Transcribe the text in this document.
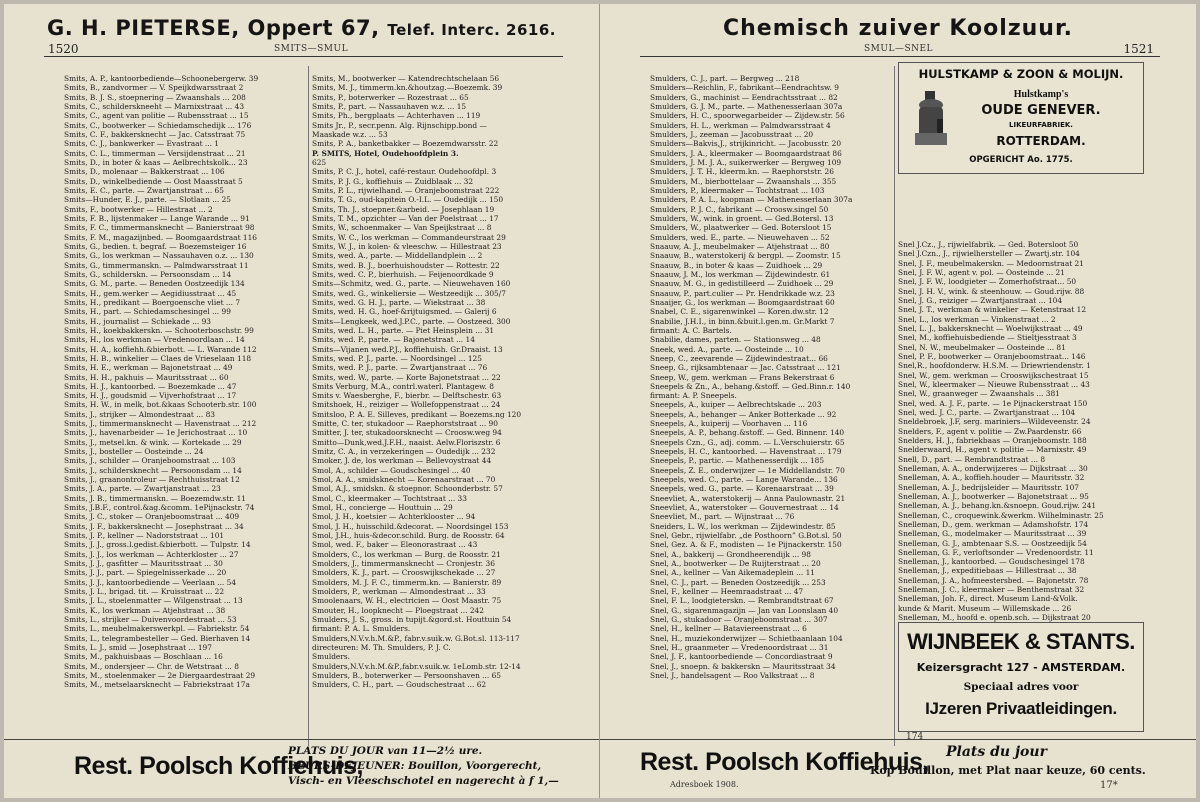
G. H. PIETERSE, Oppert 67, Telef. Interc. 2616.
1520	SMITS—SMUL
Smits, A. P., kantoorbediende—Schoonebergerw. 39
Smits, B., zandvormer — V. Speijkdwarsstraat 2
Smits, B. J. S., stoepnering — Zwaanshals ... 208
Smits, C., schilderskneeht — Marnixstraat ... 43
Smits, C., agent van politie — Rubensstraat ... 15
Smits, C., bootwerker — Schiedamschedijk ... 176
Smits, C. F., bakkersknecht — Jac. Catsstraat 75
Smits, C. J., bankwerker — Evastraat ... 1
Smits, C. L., timmerman — Versijdenstraat ... 21
Smits, D., in boter & kaas — Aelbrechtskolk... 23
Smits, D., molenaar — Bakkerstraat ... 106
Smits, D., winkelbediende — Oost Maasstraat 5
Smits, E. C., parte. — Zwartjanstraat ... 65
Smits—Hunder, E. J., parte. — Slotlaan ... 25
Smits, F., bootwerker — Hillestraat ... 2
Smits, F. B., lijstenmaker — Lange Warande ... 91
Smits, F. C., timmermansknecht — Banierstraat 98
Smits, F. M., magazijnbed. — Boomgaardstraat 116
Smits, G., bedien. t. begraf. — Boezemsteiger 16
Smits, G., los werkman — Nassauhaven o.z. ... 130
Smits, G., timmermanskn. — Palmdwarsstraat 11
Smits, G., schilderskn. — Persoonsdam ... 14
Smits, G. M., parte. — Beneden Oostzeedijk 134
Smits, H., gem.werker — Aegidiusstraat ... 45
Smits, H., predikant — Boergoensche vliet ... 7
Smits, H., part. — Schiedamschesingel ... 99
Smits, H., journalist — Schiekade ... 93
Smits, H., koekbakkerskn. — Schooterboschstr. 99
Smits, H., los werkman — Vredenoordlaan ... 14
Smits, H. A., koffiehh.&bierbott. — L. Warande 112
Smits, H. B., winkelier — Claes de Vrieselaan 118
Smits, H. E., werkman — Bajonetstraat ... 49
Smits, H. H., pakhuis — Mauritsstraat ... 60
Smits, H. J., kantoorbed. — Boezemkade ... 47
Smits, H. J., goudsmid — Vijverhofstraat ... 17
Smits, H. W., in melk, bot.&kaas Schooterb.str. 100
Smits, J., strijker — Almondestraat ... 83
Smits, J., timmermansknecht — Havenstraat ... 212
Smits, J., havenarbeider — 1e Jerichostraat ... 10
Smits, J., metsel.kn. & wink. — Kortekade ... 29
Smits, J., bosteller — Oosteinde ... 24
Smits, J., schilder — Oranjeboomstraat ... 103
Smits, J., schildersknecht — Persoonsdam ... 14
Smits, J., graanontroleur — Rechthuisstraat 12
Smits, J. A., parte. — Zwartjanstraat ... 23
Smits, J. B., timmermanskn. — Boezemdw.str. 11
Smits, J.B.F., control.&ag.&comm. 1ePijnackstr. 74
Smits, J. C., stoker — Oranjeboomstraat ... 409
Smits, J. F., bakkersknecht — Josephstraat ... 34
Smits, J. P., kellner — Nadorststraat ... 101
Smits, J. J., gross.l.gedist.&bierbott. — Tulpstr. 14
Smits, J. J., los werkman — Achterkloster ... 27
Smits, J. J., gasfitter — Mauritsstraat ... 30
Smits, J. J., part. — Spiegelnisserkade ... 20
Smits, J. J., kantoorbediende — Veerlaan ... 54
Smits, J. L., brigad. tit. — Kruisstraat ... 22
Smits, J. L., stoelenmatter — Wilgenstraat ... 13
Smits, K., los werkman — Atjehstraat ... 38
Smits, L., strijker — Duivenvoordestraat ... 53
Smits, L., meubelmakerswerkpl. — Fabriekstr. 54
Smits, L., telegrambesteller — Ged. Bierhaven 14
Smits, L. J., smid — Josephstraat ... 197
Smits, M., pakhuisbaas — Boschlaan ... 16
Smits, M., ondersjeer — Chr. de Wetstraat ... 8
Smits, M., stoelenmaker — 2e Diergaardestraat 29
Smits, M., metselaarsknecht — Fabriekstraat 17a
Smits, M., bootwerker — Katendrechtschelaan 56
Smits, M. J., timmerm.kn.&houtzag.—Boezemk. 39
Smits, P., boterwerker — Rozestraat ... 65
Smits, P., part. — Nassauhaven w.z. ... 15
Smits, Ph., bergplaats — Achterhaven ... 119
Smits Jr., P., secr.penn. Alg. Rijnschipp.bond —
Maaskade w.z. ... 53
Smits, P. A., banketbakker — Boezemdwarsstr. 22
P. SMITS, Hotel, Oudehoofdplein 3.
625
Smits, P. C. J., hotel, café-restaur. Oudehoofdpl. 3
Smits, P. J. G., koffiehuis — Zuidblaak ... 32
Smits, P. L., rijwielhand. — Oranjeboomstraat 222
Smits, T. G., oud-kapitein O.-I.L. — Oudedijk ... 150
Smits, Th. J., stoepner.&arbeid. — Josephlaan 19
Smits, T. M., opzichter — Van der Poelstraat ... 17
Smits, W., schoenmaker — Van Speijkstraat ... 8
Smits, W. C., los werkman — Commandeurstraat 29
Smits, W. J., in kolen- & vleeschw. — Hillestraat 23
Smits, wed. A., parte. — Middellandplein ... 2
Smits, wed. B. J., boerhuishoudster — Rottestr. 22
Smits, wed. C. P., bierhuish. — Feijenoordkade 9
Smits—Schmitz, wed. G., parte. — Nieuwehaven 160
Smits, wed. G., winkeliersie — Westzeedijk ... 305/7
Smits, wed. G. H. J., parte. — Wiekstraat ... 38
Smits, wed. H. G., hoef-&rijtuigsmed. — Galerij 6
Smits—Lengkeek, wed.J.P.C., parte. — Oostzeed. 300
Smits, wed. L. H., parte. — Piet Heinsplein ... 31
Smits, wed. P., parte. — Bajonetstraat ... 14
Smits—Vijanen wed.P.J., koffiehuish. Gr.Draaist. 13
Smits, wed. P. J., parte. — Noordsingel ... 125
Smits, wed. P. J., parte. — Zwartjanstraat ... 76
Smits, wed. W., parte. — Korte Bajonetstraat ... 22
Smits Verburg, M.A., contrl.waterl. Plantagew. 8
Smits v. Waesberghe, F., bierbr. — Delftschestr. 63
Smitshoek, H., reiziger — Wollefoppenstraat ... 24
Smitsloo, P. A. E. Silleves, predikant — Boezems.ng 120
Smitte, C. ter, stukadoor — Raephorststraat ... 90
Smitter, J. ter, stukadoorsknecht — Croosw.weg 94
Smitto—Dunk,wed.J.F.H., naaist. Aelw.Floriszstr. 6
Smitz, C. A., in verzekeringen — Oudedijk ... 232
Smoker, J. de, los werkman — Bellevoystraat 44
Smol, A., schilder — Goudschesingel ... 40
Smol, A. A., smidsknecht — Korenaarstraat ... 70
Smol, A.J., smidskn. & stoepnor. Schoonderbstr. 57
Smol, C., kleermaker — Tochtstraat ... 33
Smol, H., concierge — Houttuin ... 29
Smol, J. H., koetsier — Achterklooster ... 94
Smol, J. H., huisschild.&decorat. — Noordsingel 153
Smol, J.H., huis-&decor.schild. Burg. de Roosstr. 64
Smol, wed. F., baker — Eleonorastraat ... 43
Smolders, C., los werkman — Burg. de Roosstr. 21
Smolders, J., timmermansknecht — Cronjestr. 36
Smolders, K. J., part. — Crooswijkschekade ... 27
Smolders, M. J. F. C., timmerm.kn. — Banierstr. 89
Smolders, P., werkman — Almondestraat ... 33
Smoolenaars, W. H., electricien — Oost Maastr. 75
Smouter, H., loopknecht — Ploegstraat ... 242
Smulders, J. S., gross. in tupijt.&gord.st. Houttuin 54
firmant: P. A. L. Smulders.
Smulders,N.V.v.h.M.&P., fabr.v.suik.w. G.Bot.sl. 113-117
directeuren: M. Th. Smulders, P. J. C.
Smulders.
Smulders,N.V.v.h.M.&P.,fabr.v.suik.w. 1eLomb.str. 12-14
Smulders, B., boterwerker — Persoonshaven ... 65
Smulders, C. H., part. — Goudschestraat ... 62
Rest. Poolsch Koffiehuis,
PLATS DU JOUR van 11—2½ ure.
BEURS-DEJEUNER: Bouillon, Voorgerecht,
Visch- en Vleeschschotel en nagerecht à f 1,—
Chemisch zuiver Koolzuur.
SMUL—SNEL	1521
Smulders, C. J., part. — Bergweg ... 218
Smulders—Reichlin, F., fabrikant—Eendrachtsw. 9
Smulders, G., machinist — Eendrachtsstraat ... 82
Smulders, G. J. M., parte. — Mathenesserlaan 307a
Smulders, H. C., spoorwegarbeider — Zijdew.str. 56
Smulders, H. L., werkman — Palmdwarsstraat 4
Smulders, J., zeeman — Jacobusstraat ... 20
Smulders—Bakvis,J., strijkinricht. — Jacobusstr. 20
Smulders, J. A., kleermaker — Boomgaardstraat 86
Smulders, J. M. J. A., suikerwerker — Bergweg 109
Smulders, J. T. H., kleerm.kn. — Raephorststr. 26
Smulders, M., bierbottelaar — Zwaanshals ... 355
Smulders, P., kleermaker — Tochtstraat ... 103
Smulders, P. A. L., koopman — Mathenesserlaan 307a
Smulders, P. J. C., fabrikant — Croosw.singel 50
Smulders, W., wink. in groent. — Ged.Botersl. 13
Smulders, W., plaatwerker — Ged. Botersloot 15
Smulders, wed. E., parte. — Nieuwehaven ... 52
Snaauw, A. J., meubelmaker — Atjehstraat ... 80
Snaauw, B., waterstokerij & bergpl. — Zoomstr. 15
Snaauw, B., in boter & kaas — Zuidhoek ... 29
Snaauw, J. M., los werkman — Zijdewindestr. 61
Snaauw, M. G., in gedistilleerd — Zuidhoek ... 29
Snaauw, P., part.culier — Pr. Hendrikkade w.z. 23
Snaaijer, G., los werkman — Boomgaardstraat 60
Snabel, C. E., sigarenwinkel — Koren.dw.str. 12
Snabilie, J.H.I., in binn.&buit.l.gen.m. Gr.Markt 7
firmant: A. C. Bartels.
Snabilie, dames, parten. — Stationsweg ... 48
Sneek, wed. A., parte. — Oosteinde ... 10
Sneep, C., zeevarende — Zijdewindestraat... 66
Sneep, G., rijksambtenaar — Jac. Catsstraat ... 121
Sneep, W., gem. werkman — Frans Bekerstraat 6
Sneepels & Zn., A., behang.&stoff. — Ged.Binn.r. 140
firmant: A. P. Sneepels.
Sneepels, A., kuiper — Aelbrechtskade ... 203
Sneepels, A., behanger — Anker Botterkade ... 92
Sneepels, A., kuiperij — Voorhaven ... 116
Sneepels, A. P., behang.&stoff. — Ged. Binnenr. 140
Sneepels Czn., G., adj. comm. — L.Verschuierstr. 65
Sneepels, H. C., kantoorbed. — Havenstraat ... 179
Sneepels, P., partic. — Mathenesserdijk ... 185
Sneepels, Z. E., onderwijzer — 1e Middellandstr. 70
Sneepels, wed. C., parte. — Lange Warande... 136
Sneepels, wed. G., parte. — Korenaarstraat ... 39
Sneevliet, A., waterstokerij — Anna Paulownastr. 21
Sneevliet, A., waterstoker — Gouvernestraat ... 14
Sneevliet, M., part. — Wijnstraat ... 76
Sneiders, L. W., los werkman — Zijdewindestr. 85
Snel, Gebr., rijwielfabr. „de Posthoorn” G.Bot.sl. 50
Snel, Gez. A. & F., modisten — 1e Pijnackerstr. 150
Snel, A., bakkerij — Grondheerendijk ... 98
Snel, A., bootwerker — De Ruijterstraat ... 20
Snel, A., kellner — Van Aikemadeplein ... 11
Snel, C. J., part. — Beneden Oostzeedijk ... 253
Snel, F., kellner — Heemraadstraat ... 47
Snel, F. L., loodgieterskn. — Rembrandtstraat 67
Snel, G., sigarenmagazijn — Jan van Loonslaan 40
Snel, G., stukadoor — Oranjeboomstraat ... 307
Snel, H., kellner — Bataviereenstraat ... 6
Snel, H., muziekonderwijzer — Schietbaanlaan 104
Snel, H., graanmeter — Vredenoordstraat ... 31
Snel, J. F., kantoorbediende — Concordiastraat 9
Snel, J., snoepn. & bakkerskn — Mauritsstraat 34
Snel, J., handelsagent — Roo Valkstraat ... 8
Snel J.Cz., J., rijwielfabrik. — Ged. Botersloot 50
Snel J.Czn., J., rijwielhersteller — Zwartj.str. 104
Snel, J. F., meubelmakerskn. — Medoornstraat 21
Snel, J. F. W., agent v. pol. — Oosteinde ... 21
Snel, J. F. W., loodgieter — Zomerhofstraat... 50
Snel, J. H. V., wink. & steenhouw. — Goud.rijw. 88
Snel, J. G., reiziger — Zwartjanstraat ... 104
Snel, J. T., werkman & winkelier — Ketenstraat 12
Snel, L., los werkman — Vinkenstraat ... 2
Snel, L. J., bakkersknecht — Woelwijkstraat ... 49
Snel, M., koffiehuisbediende — Stieltjesstraat 3
Snel, N. W., meubelmaker — Oosteinde ... 81
Snel, P. F., bootwerker — Oranjeboomstraat... 146
Snel,R., hoofdonderw. H.S.M. — Driewriendenstr. 1
Snel, W., gem. werkman — Crooswijkschestraat 15
Snel, W., kleermaker — Nieuwe Rubensstraat ... 43
Snel, W., graanweger — Zwaanshals ... 381
Snel, wed. A. J. F., parte. — 1e Pijnackerstraat 150
Snel, wed. J. C., parte. — Zwartjanstraat ... 104
Sneldebroek, J.F, serg. mariniers—Wildeveenstr. 24
Snelders, F., agent v. politie — Zw.Paardenstr. 66
Snelders, H. J., fabriekbaas — Oranjeboomstr. 188
Snelderwaard, H., agent v. politie — Marnixstr. 49
Snell, D., part. — Rembrandtstraat ... 8
Snelleman, A. A., onderwijzeres — Dijkstraat ... 30
Snelleman, A. A., koffieh.houder — Mauritsstr. 32
Snelleman, A. J., bedrijsleider — Mauritsstr. 107
Snelleman, A. J., bootwerker — Bajonetstraat ... 95
Snelleman, A. J., behang.kn.&snoepn. Goud.rijw. 241
Snelleman, C., croquewink.&werkm. Wilhelminastr. 25
Snelleman, D., gem. werkman — Adamshofstr. 174
Snelleman, G., modelmaker — Mauritsstraat ... 39
Snelleman, G. J., ambtenaar S.S. — Oostzeedijk 54
Snelleman, G. F., verloftsonder — Vredenoordstr. 11
Snelleman, J., kantoorbed. — Goudschesingel 178
Snelleman, J., expeditiebaas — Hillestraat ... 38
Snelleman, J. A., hofmeestersbed. — Bajonetstr. 78
Snelleman, J. C., kleermaker — Benthemstraat 32
Snelleman, Joh. F., direct. Museum Land-&Volk.
kunde & Marit. Museum — Willemskade ... 26
Snelleman, M., hoofd e. openb.sch. — Dijkstraat 20
HULSTKAMP & ZOON & MOLIJN.
Hulstkamp's
OUDE GENEVER.
LIKEURFABRIEK.
ROTTERDAM.
OPGERICHT Ao. 1775.
WIJNBEEK & STANTS.
Keizersgracht 127 - AMSTERDAM.
Speciaal adres voor
IJzeren Privaatleidingen.
174
Rest. Poolsch Koffiehuis,
Adresboek 1908.
Plats du jour
Kop Bouillon, met Plat naar keuze, 60 cents.
17*
